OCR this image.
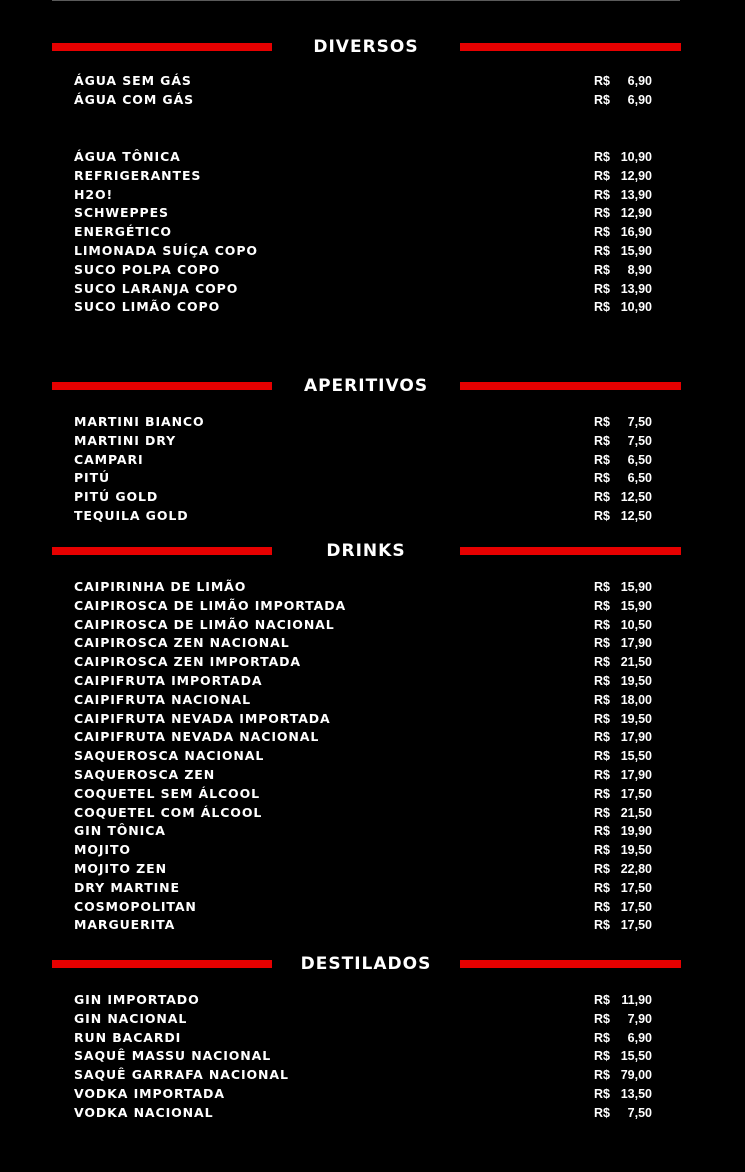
DIVERSOS
ÁGUA SEM GÁS	R$ 6,90
ÁGUA COM GÁS	R$ 6,90
ÁGUA TÔNICA	R$ 10,90
REFRIGERANTES	R$ 12,90
H2O!	R$ 13,90
SCHWEPPES	R$ 12,90
ENERGÉTICO	R$ 16,90
LIMONADA SUÍÇA COPO	R$ 15,90
SUCO POLPA COPO	R$ 8,90
SUCO LARANJA COPO	R$ 13,90
SUCO LIMÃO COPO	R$ 10,90
APERITIVOS
MARTINI BIANCO	R$ 7,50
MARTINI DRY	R$ 7,50
CAMPARI	R$ 6,50
PITÚ	R$ 6,50
PITÚ GOLD	R$ 12,50
TEQUILA GOLD	R$ 12,50
DRINKS
CAIPIRINHA DE LIMÃO	R$ 15,90
CAIPIROSCA DE LIMÃO IMPORTADA	R$ 15,90
CAIPIROSCA DE LIMÃO NACIONAL	R$ 10,50
CAIPIROSCA ZEN NACIONAL	R$ 17,90
CAIPIROSCA ZEN IMPORTADA	R$ 21,50
CAIPIFRUTA IMPORTADA	R$ 19,50
CAIPIFRUTA NACIONAL	R$ 18,00
CAIPIFRUTA NEVADA IMPORTADA	R$ 19,50
CAIPIFRUTA NEVADA NACIONAL	R$ 17,90
SAQUEROSCA NACIONAL	R$ 15,50
SAQUEROSCA ZEN	R$ 17,90
COQUETEL SEM ÁLCOOL	R$ 17,50
COQUETEL COM ÁLCOOL	R$ 21,50
GIN TÔNICA	R$ 19,90
MOJITO	R$ 19,50
MOJITO ZEN	R$ 22,80
DRY MARTINE	R$ 17,50
COSMOPOLITAN	R$ 17,50
MARGUERITA	R$ 17,50
DESTILADOS
GIN IMPORTADO	R$ 11,90
GIN NACIONAL	R$ 7,90
RUN BACARDI	R$ 6,90
SAQUÊ MASSU NACIONAL	R$ 15,50
SAQUÊ GARRAFA NACIONAL	R$ 79,00
VODKA IMPORTADA	R$ 13,50
VODKA NACIONAL	R$ 7,50
